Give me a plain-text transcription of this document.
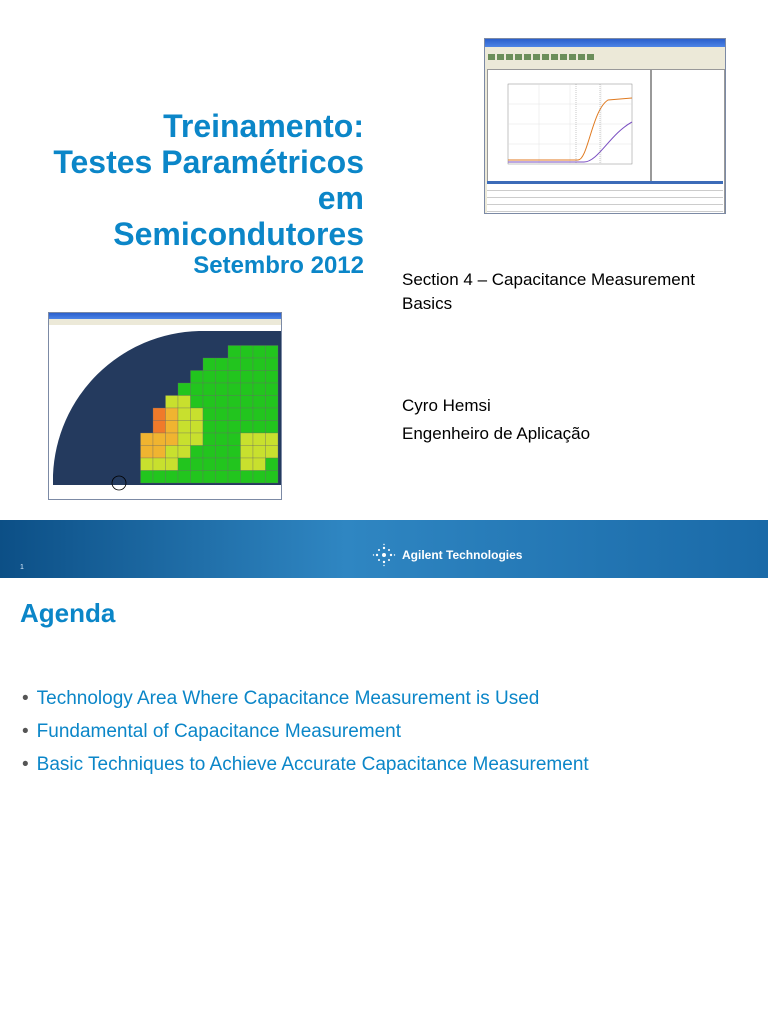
Treinamento:
Testes Paramétricos em
Semicondutores
Setembro 2012
Section 4 – Capacitance Measurement
Basics
Cyro Hemsi
Engenheiro de Aplicação
1
Agilent Technologies
Agenda
• Technology Area Where Capacitance Measurement is Used
• Fundamental of Capacitance Measurement
• Basic Techniques to Achieve Accurate Capacitance Measurement
